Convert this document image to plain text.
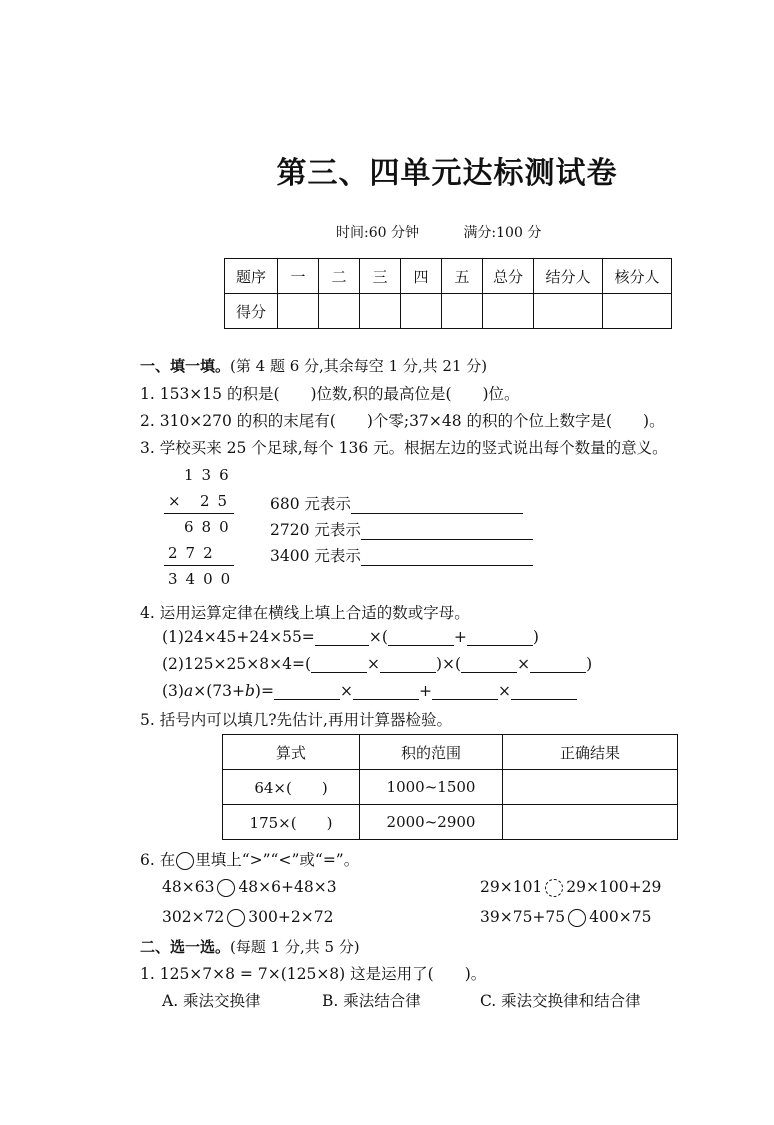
第三、四单元达标测试卷
时间:60 分钟	满分:100 分
题序	一	二	三	四	五	总分	结分人	核分人
得分								
一、填一填。(第 4 题 6 分,其余每空 1 分,共 21 分)
1. 153×15 的积是(　　)位数,积的最高位是(　　)位。
2. 310×270 的积的末尾有(　　)个零;37×48 的积的个位上数字是(　　)。
3. 学校买来 25 个足球,每个 136 元。根据左边的竖式说出每个数量的意义。
136
× 25
680
272
3400
680 元表示
2720 元表示
3400 元表示
4. 运用运算定律在横线上填上合适的数或字母。
(1)24×45+24×55=	×(	+	)
(2)125×25×8×4=(	×	)×(	×	)
(3)a×(73+b)=	×	+	×
5. 括号内可以填几?先估计,再用计算器检验。
算式	积的范围	正确结果
64×(　　)	1000~1500	
175×(　　)	2000~2900	
6. 在 里填上“>”“<”或“=”。
48×63 48×6+48×3	29×101 29×100+29
302×72 300+2×72	39×75+75 400×75
二、选一选。(每题 1 分,共 5 分)
1. 125×7×8 = 7×(125×8) 这是运用了(　　)。
A. 乘法交换律	B. 乘法结合律	C. 乘法交换律和结合律
